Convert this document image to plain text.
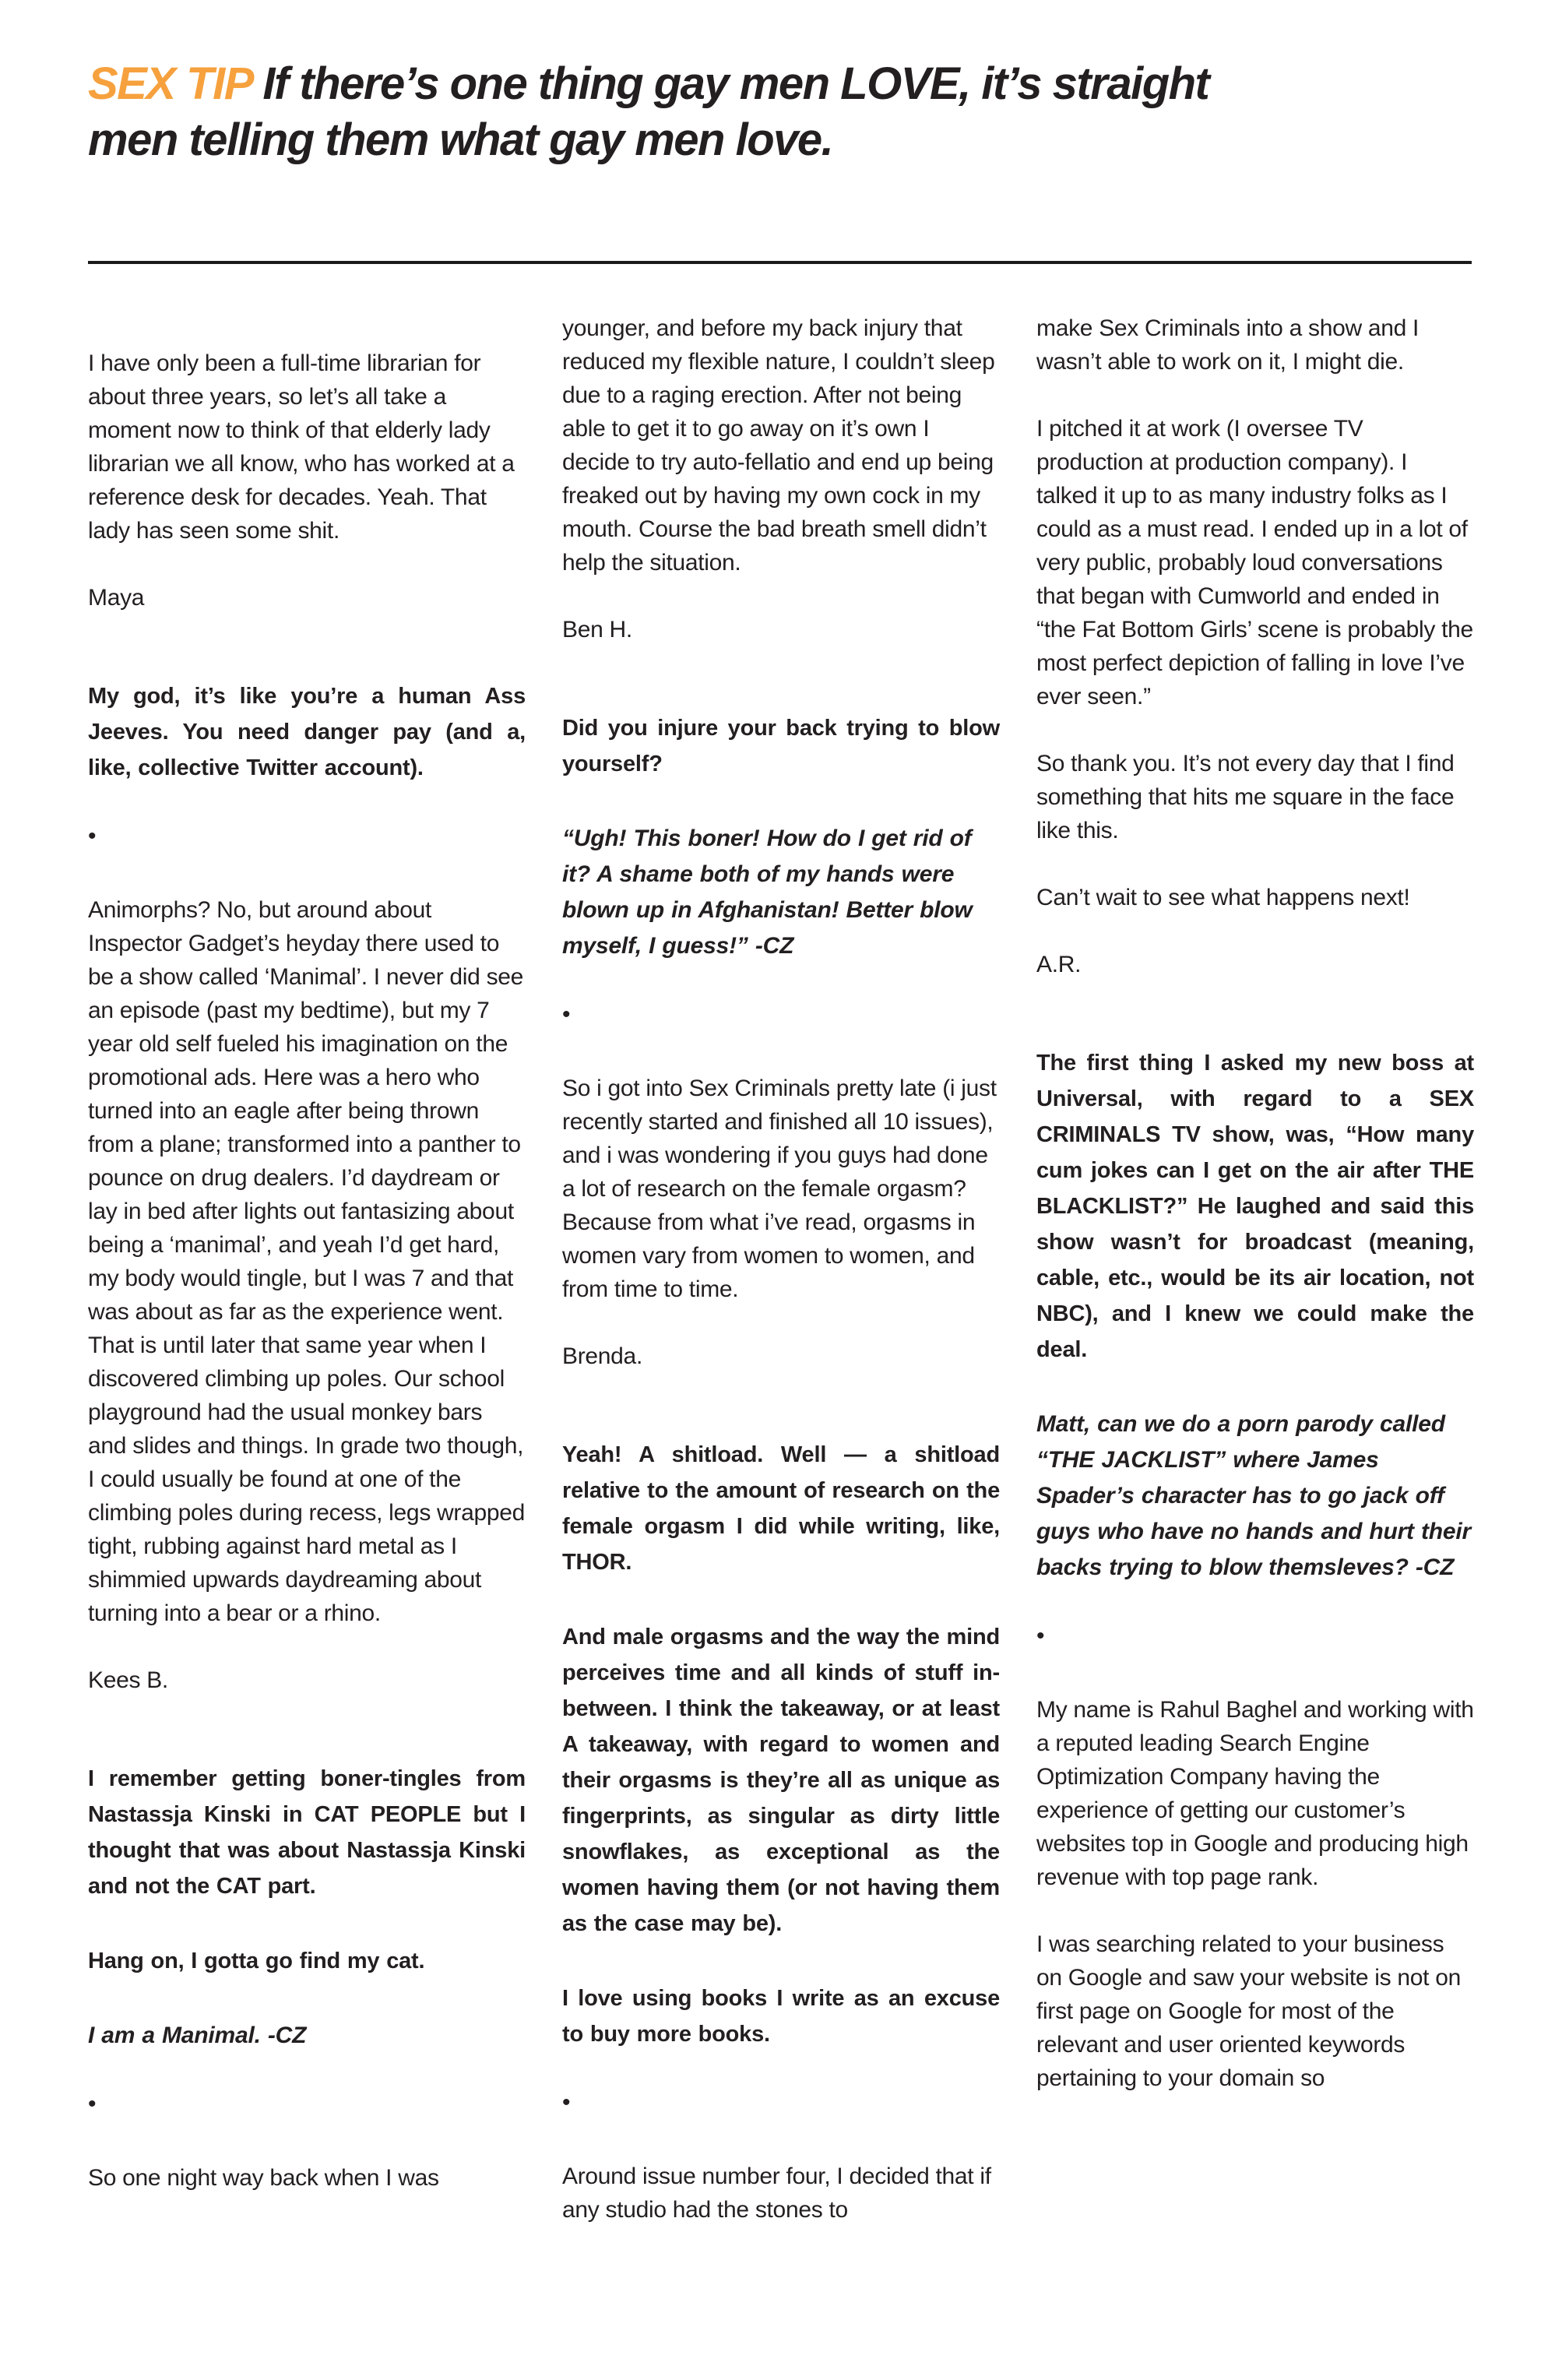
SEX TIP If there’s one thing gay men LOVE, it’s straight
men telling them what gay men love.

I have only been a full-time librarian for about three years, so let’s all take a moment now to think of that elderly lady librarian we all know, who has worked at a reference desk for decades. Yeah. That lady has seen some shit.

Maya

My god, it’s like you’re a human Ass Jeeves. You need danger pay (and a, like, collective Twitter account).

•

Animorphs? No, but around about Inspector Gadget’s heyday there used to be a show called ‘Manimal’. I never did see an episode (past my bedtime), but my 7 year old self fueled his imagination on the promotional ads. Here was a hero who turned into an eagle after being thrown from a plane; transformed into a panther to pounce on drug dealers. I’d daydream or lay in bed after lights out fantasizing about being a ‘manimal’, and yeah I’d get hard, my body would tingle, but I was 7 and that was about as far as the experience went. That is until later that same year when I discovered climbing up poles. Our school playground had the usual monkey bars and slides and things. In grade two though, I could usually be found at one of the climbing poles during recess, legs wrapped tight, rubbing against hard metal as I shimmied upwards daydreaming about turning into a bear or a rhino.

Kees B.

I remember getting boner-tingles from Nastassja Kinski in CAT PEOPLE but I thought that was about Nastassja Kinski and not the CAT part.

Hang on, I gotta go find my cat.

I am a Manimal. -CZ

•

So one night way back when I was

younger, and before my back injury that reduced my flexible nature, I couldn’t sleep due to a raging erection. After not being able to get it to go away on it’s own I decide to try auto-fellatio and end up being freaked out by having my own cock in my mouth. Course the bad breath smell didn’t help the situation.

Ben H.

Did you injure your back trying to blow yourself?

“Ugh! This boner! How do I get rid of it? A shame both of my hands were blown up in Afghanistan! Better blow myself, I guess!” -CZ

•

So i got into Sex Criminals pretty late (i just recently started and finished all 10 issues), and i was wondering if you guys had done a lot of research on the female orgasm? Because from what i’ve read, orgasms in women vary from women to women, and from time to time.

Brenda.

Yeah! A shitload. Well — a shitload relative to the amount of research on the female orgasm I did while writing, like, THOR.

And male orgasms and the way the mind perceives time and all kinds of stuff in-between. I think the takeaway, or at least A takeaway, with regard to women and their orgasms is they’re all as unique as fingerprints, as singular as dirty little snowflakes, as exceptional as the women having them (or not having them as the case may be).

I love using books I write as an excuse to buy more books.

•

Around issue number four, I decided that if any studio had the stones to

make Sex Criminals into a show and I wasn’t able to work on it, I might die.

I pitched it at work (I oversee TV production at production company). I talked it up to as many industry folks as I could as a must read. I ended up in a lot of very public, probably loud conversations that began with Cumworld and ended in “the Fat Bottom Girls’ scene is probably the most perfect depiction of falling in love I’ve ever seen.”

So thank you. It’s not every day that I find something that hits me square in the face like this.

Can’t wait to see what happens next!

A.R.

The first thing I asked my new boss at Universal, with regard to a SEX CRIMINALS TV show, was, “How many cum jokes can I get on the air after THE BLACKLIST?” He laughed and said this show wasn’t for broadcast (meaning, cable, etc., would be its air location, not NBC), and I knew we could make the deal.

Matt, can we do a porn parody called “THE JACKLIST” where James Spader’s character has to go jack off guys who have no hands and hurt their backs trying to blow themsleves? -CZ

•

My name is Rahul Baghel and working with a reputed leading Search Engine Optimization Company having the experience of getting our customer’s websites top in Google and producing high revenue with top page rank.

I was searching related to your business on Google and saw your website is not on first page on Google for most of the relevant and user oriented keywords pertaining to your domain so
